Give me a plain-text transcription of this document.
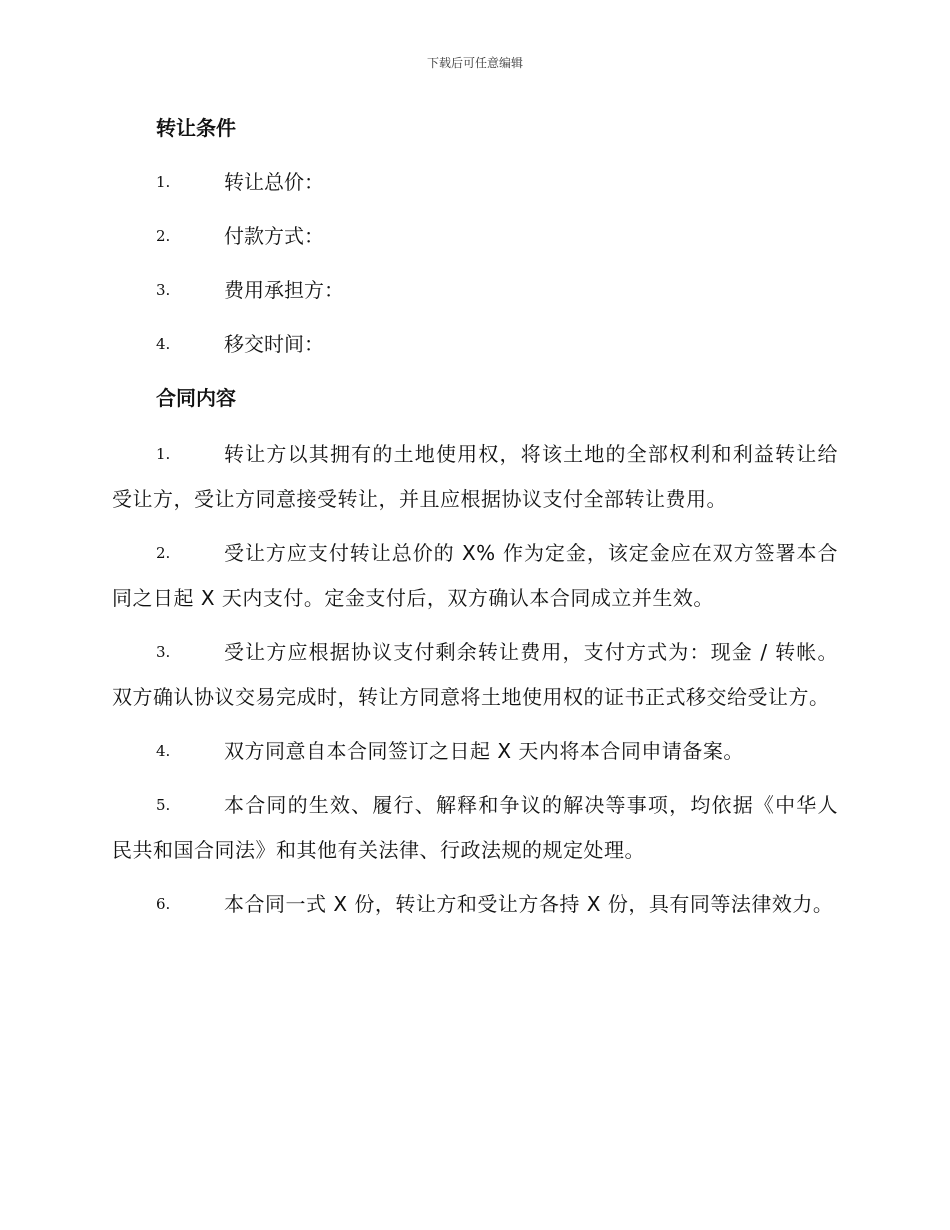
下载后可任意编辑
转让条件
1.	转让总价：
2.	付款方式：
3.	费用承担方：
4.	移交时间：
合同内容
1.	转让方以其拥有的土地使用权，将该土地的全部权利和利益转让给受让方，受让方同意接受转让，并且应根据协议支付全部转让费用。
2.	受让方应支付转让总价的 X% 作为定金，该定金应在双方签署本合同之日起 X 天内支付。定金支付后，双方确认本合同成立并生效。
3.	受让方应根据协议支付剩余转让费用，支付方式为：现金 / 转帐。双方确认协议交易完成时，转让方同意将土地使用权的证书正式移交给受让方。
4.	双方同意自本合同签订之日起 X 天内将本合同申请备案。
5.	本合同的生效、履行、解释和争议的解决等事项，均依据《中华人民共和国合同法》和其他有关法律、行政法规的规定处理。
6.	本合同一式 X 份，转让方和受让方各持 X 份，具有同等法律效力。
